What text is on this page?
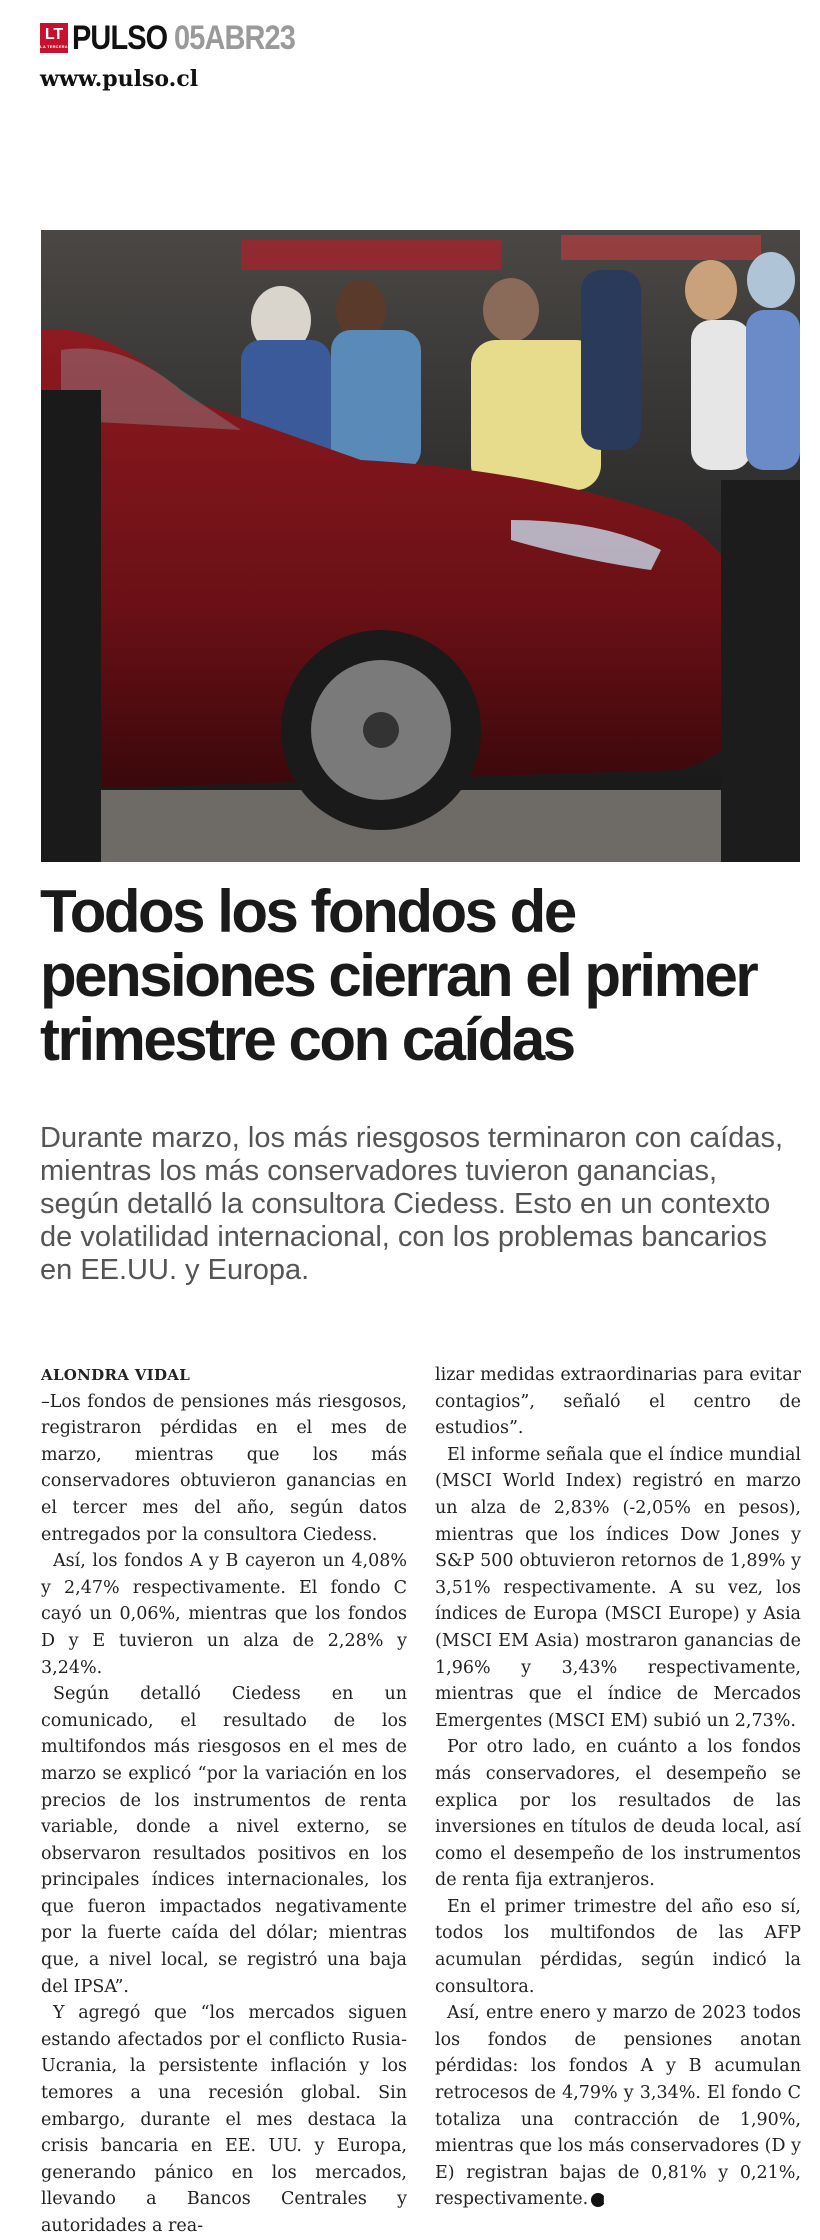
LT
LA TERCERA PULSO 05ABR23
www.pulso.cl
Todos los fondos de pensiones cierran el primer trimestre con caídas

Durante marzo, los más riesgosos terminaron con caídas, mientras los más conservadores tuvieron ganancias, según detalló la consultora Ciedess. Esto en un contexto de volatilidad internacional, con los problemas bancarios en EE.UU. y Europa.

ALONDRA VIDAL

–Los fondos de pensiones más riesgosos, registraron pérdidas en el mes de marzo, mientras que los más conservadores obtuvieron ganancias en el tercer mes del año, según datos entregados por la consultora Ciedess.

Así, los fondos A y B cayeron un 4,08% y 2,47% respectivamente. El fondo C cayó un 0,06%, mientras que los fondos D y E tuvieron un alza de 2,28% y 3,24%.

Según detalló Ciedess en un comunicado, el resultado de los multifondos más riesgosos en el mes de marzo se explicó “por la variación en los precios de los instrumentos de renta variable, donde a nivel externo, se observaron resultados positivos en los principales índices internacionales, los que fueron impactados negativamente por la fuerte caída del dólar; mientras que, a nivel local, se registró una baja del IPSA”.

Y agregó que “los mercados siguen estando afectados por el conflicto Rusia-Ucrania, la persistente inflación y los temores a una recesión global. Sin embargo, durante el mes destaca la crisis bancaria en EE. UU. y Europa, generando pánico en los mercados, llevando a Bancos Centrales y autoridades a rea-

lizar medidas extraordinarias para evitar contagios”, señaló el centro de estudios”.

El informe señala que el índice mundial (MSCI World Index) registró en marzo un alza de 2,83% (-2,05% en pesos), mientras que los índices Dow Jones y S&P 500 obtuvieron retornos de 1,89% y 3,51% respectivamente. A su vez, los índices de Europa (MSCI Europe) y Asia (MSCI EM Asia) mostraron ganancias de 1,96% y 3,43% respectivamente, mientras que el índice de Mercados Emergentes (MSCI EM) subió un 2,73%.

Por otro lado, en cuánto a los fondos más conservadores, el desempeño se explica por los resultados de las inversiones en títulos de deuda local, así como el desempeño de los instrumentos de renta fija extranjeros.

En el primer trimestre del año eso sí, todos los multifondos de las AFP acumulan pérdidas, según indicó la consultora.

Así, entre enero y marzo de 2023 todos los fondos de pensiones anotan pérdidas: los fondos A y B acumulan retrocesos de 4,79% y 3,34%. El fondo C totaliza una contracción de 1,90%, mientras que los más conservadores (D y E) registran bajas de 0,81% y 0,21%, respectivamente. P
